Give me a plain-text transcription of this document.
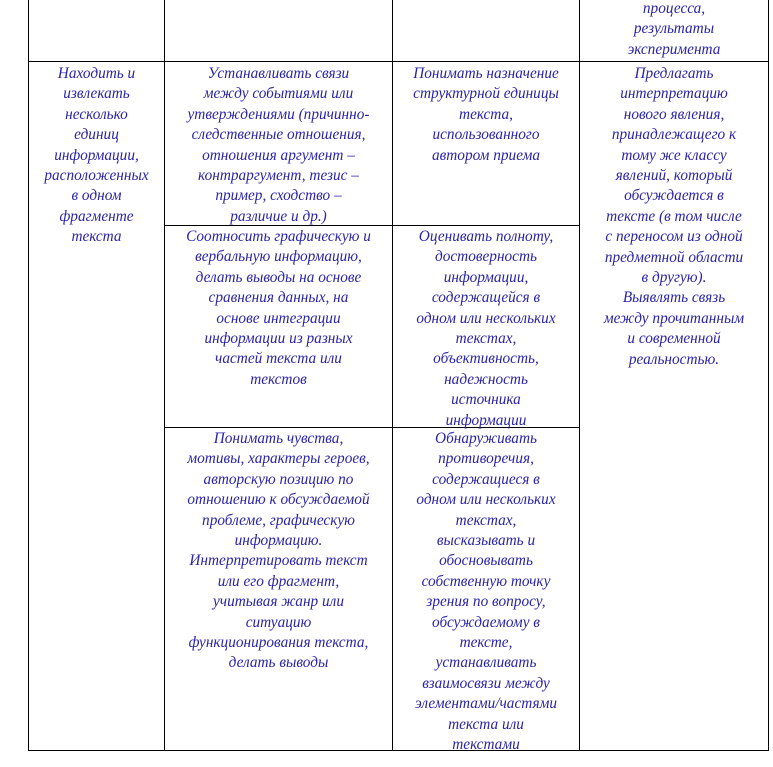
процесса,
результаты
эксперимента
Находить и
извлекать
несколько
единиц
информации,
расположенных
в одном
фрагменте
текста
Устанавливать связи
между событиями или
утверждениями (причинно-
следственные отношения,
отношения аргумент –
контраргумент, тезис –
пример, сходство –
различие и др.)
Понимать назначение
структурной единицы
текста,
использованного
автором приема
Предлагать
интерпретацию
нового явления,
принадлежащего к
тому же классу
явлений, который
обсуждается в
тексте (в том числе
с переносом из одной
предметной области
в другую).
Выявлять связь
между прочитанным
и современной
реальностью.
Соотносить графическую и
вербальную информацию,
делать выводы на основе
сравнения данных, на
основе интеграции
информации из разных
частей текста или
текстов
Оценивать полноту,
достоверность
информации,
содержащейся в
одном или нескольких
текстах,
объективность,
надежность
источника
информации
Понимать чувства,
мотивы, характеры героев,
авторскую позицию по
отношению к обсуждаемой
проблеме, графическую
информацию.
Интерпретировать текст
или его фрагмент,
учитывая жанр или
ситуацию
функционирования текста,
делать выводы
Обнаруживать
противоречия,
содержащиеся в
одном или нескольких
текстах,
высказывать и
обосновывать
собственную точку
зрения по вопросу,
обсуждаемому в
тексте,
устанавливать
взаимосвязи между
элементами/частями
текста или
текстами
